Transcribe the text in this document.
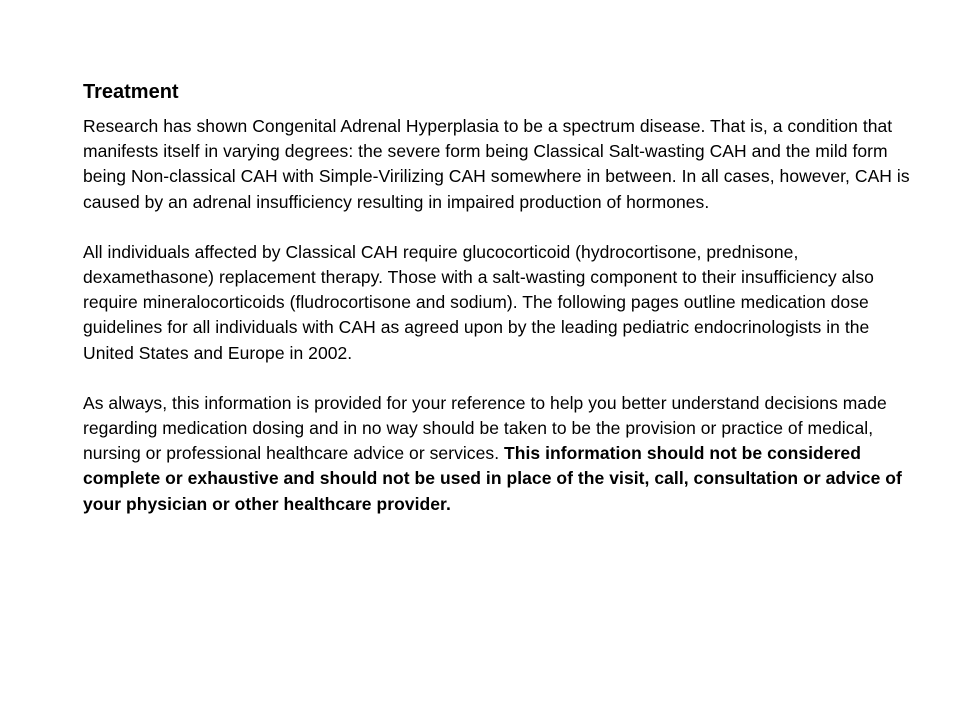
Treatment

Research has shown Congenital Adrenal Hyperplasia to be a spectrum disease. That is, a condition that manifests itself in varying degrees: the severe form being Classical Salt-wasting CAH and the mild form being Non-classical CAH with Simple-Virilizing CAH somewhere in between. In all cases, however, CAH is caused by an adrenal insufficiency resulting in impaired production of hormones.

All individuals affected by Classical CAH require glucocorticoid (hydrocortisone, prednisone, dexamethasone) replacement therapy. Those with a salt-wasting component to their insufficiency also require mineralocorticoids (fludrocortisone and sodium). The following pages outline medication dose guidelines for all individuals with CAH as agreed upon by the leading pediatric endocrinologists in the United States and Europe in 2002.

As always, this information is provided for your reference to help you better understand decisions made regarding medication dosing and in no way should be taken to be the provision or practice of medical, nursing or professional healthcare advice or services. This information should not be considered complete or exhaustive and should not be used in place of the visit, call, consultation or advice of your physician or other healthcare provider.
